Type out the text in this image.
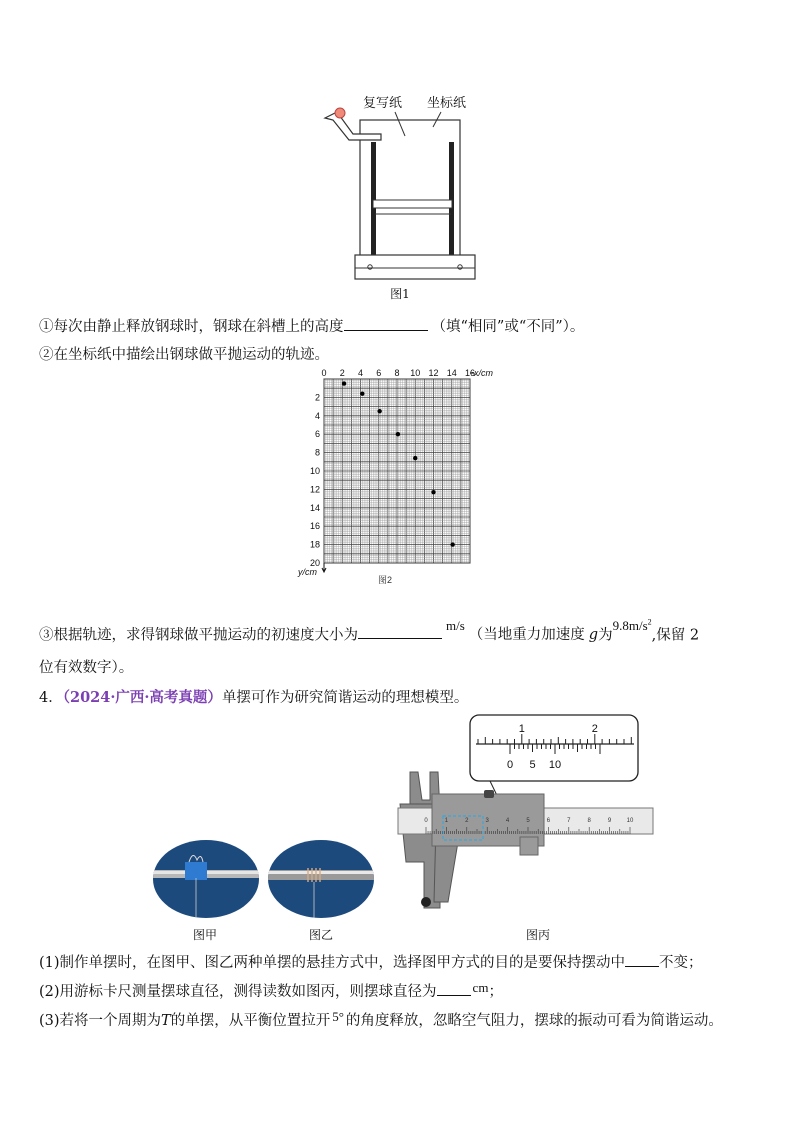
复写纸 坐标纸
图1
①每次由静止释放钢球时，钢球在斜槽上的高度	（填“相同”或“不同”）。
②在坐标纸中描绘出钢球做平抛运动的轨迹。
0 2 4 6 8 10 12 14 16
2
4
6
8
10
12
14
16
18
20
x/cm
y/cm
图2
③根据轨迹，求得钢球做平抛运动的初速度大小为m/s（当地重力加速度 g为$9.8m/s^2$,保留 2
位有效数字）。
4．（2024·广西·高考真题）单摆可作为研究简谐运动的理想模型。
图甲	图乙
1	2
0 5 10
0	1	2	3	4	5	6	7	8	9	10
图丙
(1)制作单摆时，在图甲、图乙两种单摆的悬挂方式中，选择图甲方式的目的是要保持摆动中 不变；
(2)用游标卡尺测量摆球直径，测得读数如图丙，则摆球直径为	cm；
(3)若将一个周期为T的单摆，从平衡位置拉开 5° 的角度释放，忽略空气阻力，摆球的振动可看为简谐运动。
